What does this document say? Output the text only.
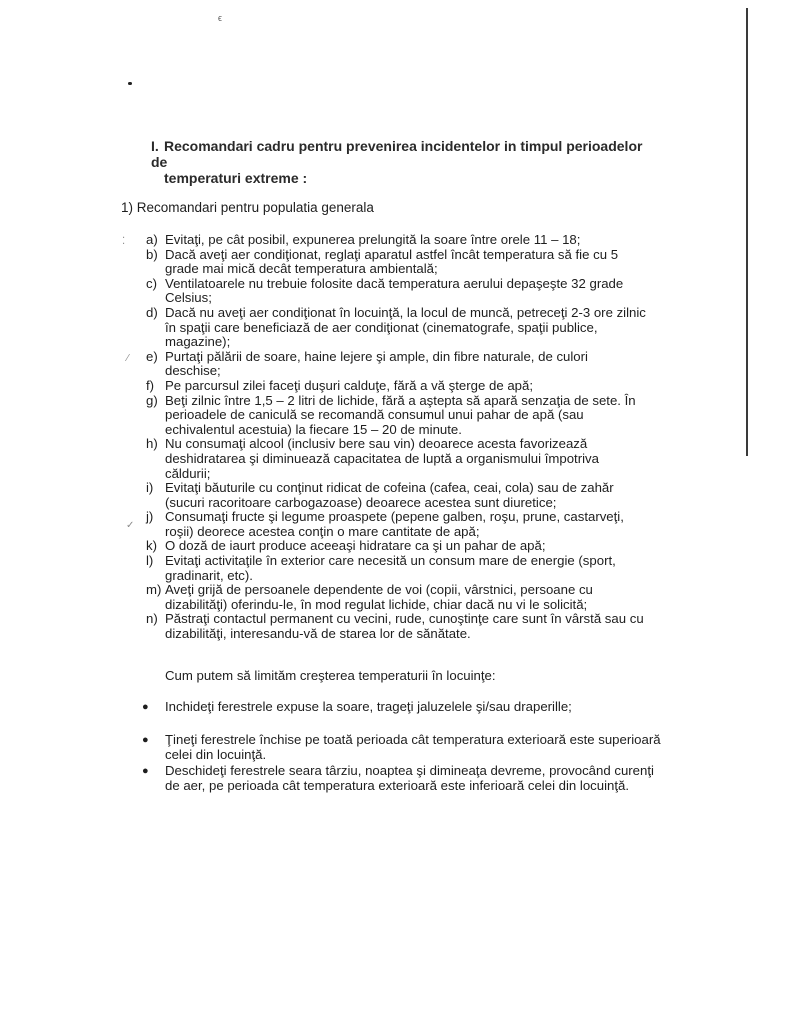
ϵ
I. Recomandari cadru pentru prevenirea incidentelor in timpul perioadelor de
temperaturi extreme :
1) Recomandari pentru populatia generala
⁚
⁄
✓
a) Evitaţi, pe cât posibil, expunerea prelungită la soare între orele 11 – 18;
b) Dacă aveţi aer condiţionat, reglaţi aparatul astfel încât temperatura să fie cu 5 grade mai mică decât temperatura ambientală;
c) Ventilatoarele nu trebuie folosite dacă temperatura aerului depaşeşte 32 grade Celsius;
d) Dacă nu aveţi aer condiţionat în locuinţă, la locul de muncă, petreceţi 2-3 ore zilnic în spaţii care beneficiază de aer condiţionat (cinematografe, spaţii publice, magazine);
e) Purtaţi pălării de soare, haine lejere şi ample, din fibre naturale, de culori deschise;
f) Pe parcursul zilei faceţi duşuri calduţe, fără a vă şterge de apă;
g) Beţi zilnic între 1,5 – 2 litri de lichide, fără a aştepta să apară senzaţia de sete. În perioadele de caniculă se recomandă consumul unui pahar de apă (sau echivalentul acestuia) la fiecare 15 – 20 de minute.
h) Nu consumaţi alcool (inclusiv bere sau vin) deoarece acesta favorizează deshidratarea şi diminuează capacitatea de luptă a organismului împotriva căldurii;
i) Evitaţi băuturile cu conţinut ridicat de cofeina (cafea, ceai, cola) sau de zahăr (sucuri racoritoare carbogazoase) deoarece acestea sunt diuretice;
j) Consumaţi fructe şi legume proaspete (pepene galben, roşu, prune, castarveţi, roşii) deorece acestea conţin o mare cantitate de apă;
k) O doză de iaurt produce aceeaşi hidratare ca şi un pahar de apă;
l) Evitaţi activitaţile în exterior care necesită un consum mare de energie (sport, gradinarit, etc).
m) Aveţi grijă de persoanele dependente de voi (copii, vârstnici, persoane cu dizabilităţi) oferindu-le, în mod regulat lichide, chiar dacă nu vi le solicită;
n) Păstraţi contactul permanent cu vecini, rude, cunoştinţe care sunt în vârstă sau cu dizabilităţi, interesandu-vă de starea lor de sănătate.
Cum putem să limităm creşterea temperaturii în locuinţe:
●	Inchideţi ferestrele expuse la soare, trageţi jaluzelele şi/sau draperille;
●	Ţineţi ferestrele închise pe toată perioada cât temperatura exterioară este superioară celei din locuinţă.
●	Deschideţi ferestrele seara târziu, noaptea şi dimineaţa devreme, provocând curenţi de aer, pe perioada cât temperatura exterioară este inferioară celei din locuinţă.
